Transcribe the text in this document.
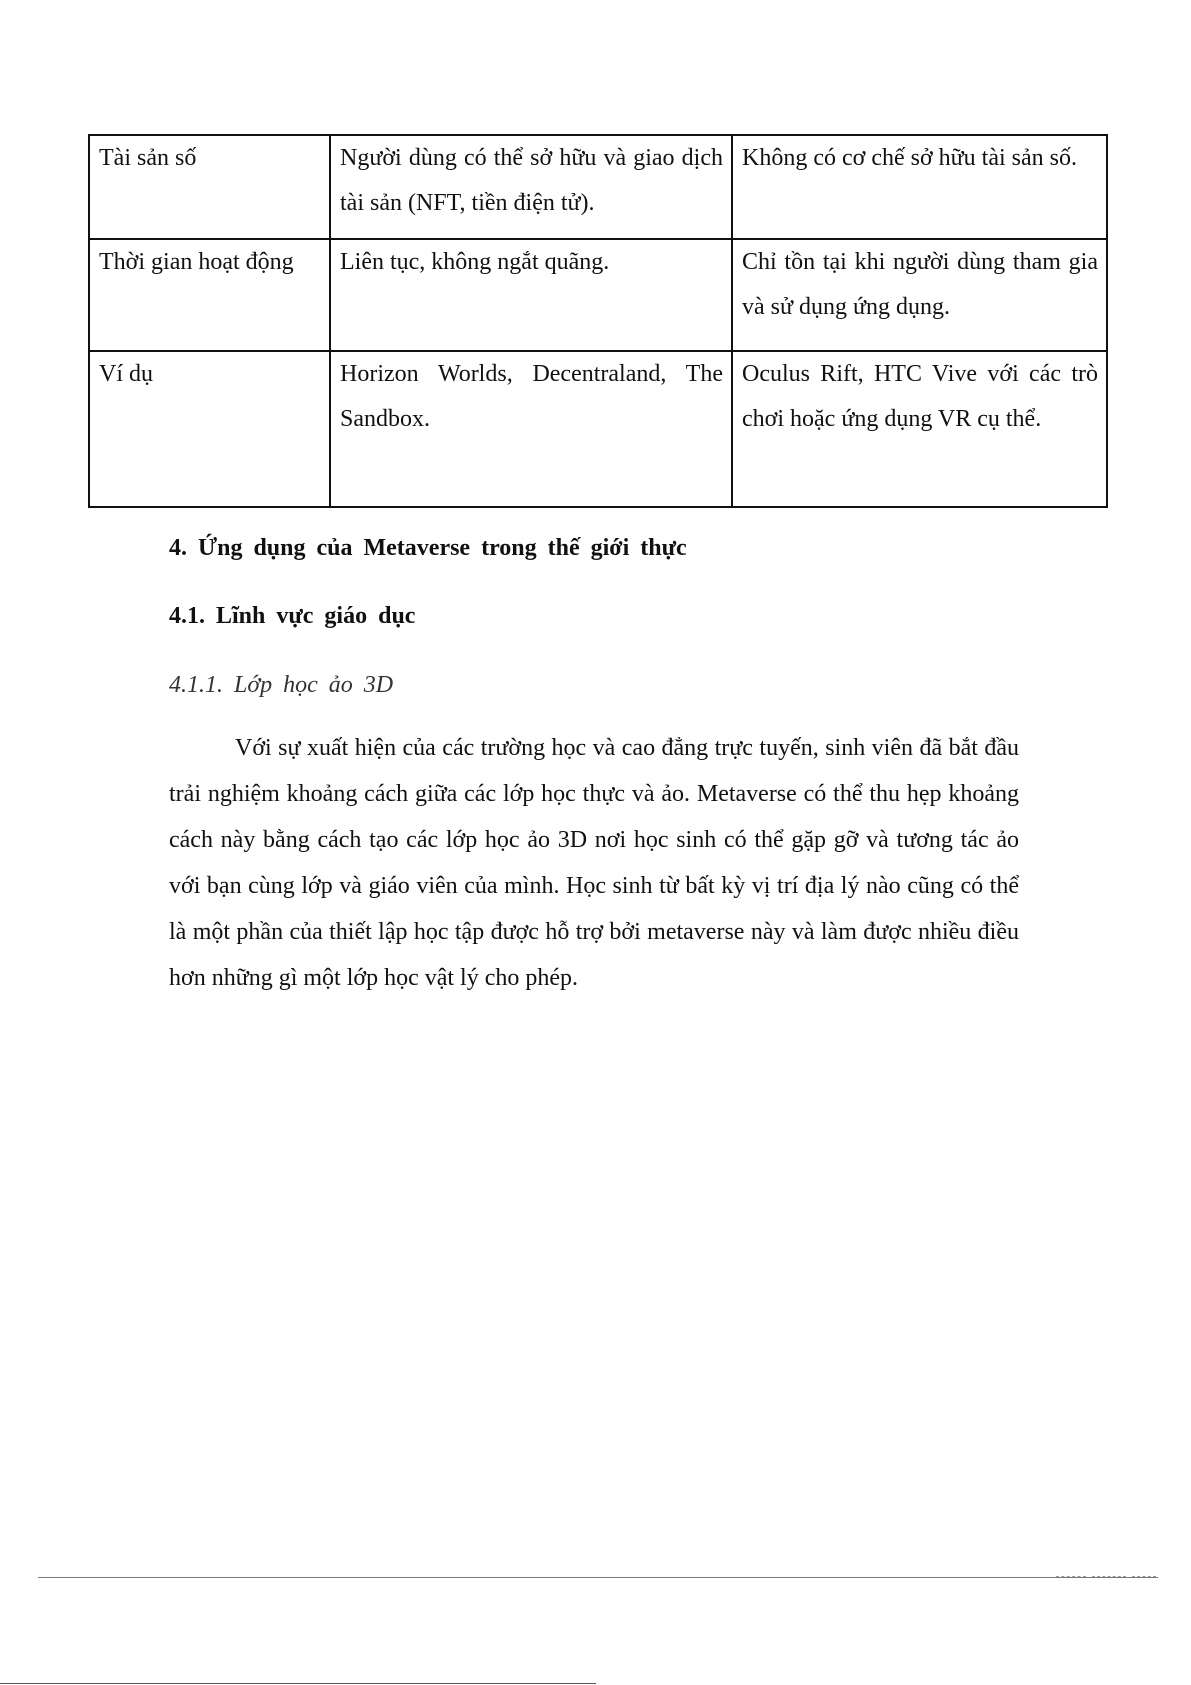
Tài sản số	Người dùng có thể sở hữu và giao dịch tài sản (NFT, tiền điện tử).	Không có cơ chế sở hữu tài sản số.
Thời gian hoạt động	Liên tục, không ngắt quãng.	Chỉ tồn tại khi người dùng tham gia và sử dụng ứng dụng.
Ví dụ	Horizon Worlds, Decentraland, The Sandbox.	Oculus Rift, HTC Vive với các trò chơi hoặc ứng dụng VR cụ thể.
4. Ứng dụng của Metaverse trong thế giới thực
4.1. Lĩnh vực giáo dục
4.1.1. Lớp học ảo 3D

Với sự xuất hiện của các trường học và cao đẳng trực tuyến, sinh viên đã bắt đầu trải nghiệm khoảng cách giữa các lớp học thực và ảo. Metaverse có thể thu hẹp khoảng cách này bằng cách tạo các lớp học ảo 3D nơi học sinh có thể gặp gỡ và tương tác ảo với bạn cùng lớp và giáo viên của mình. Học sinh từ bất kỳ vị trí địa lý nào cũng có thể là một phần của thiết lập học tập được hỗ trợ bởi metaverse này và làm được nhiều điều hơn những gì một lớp học vật lý cho phép.
